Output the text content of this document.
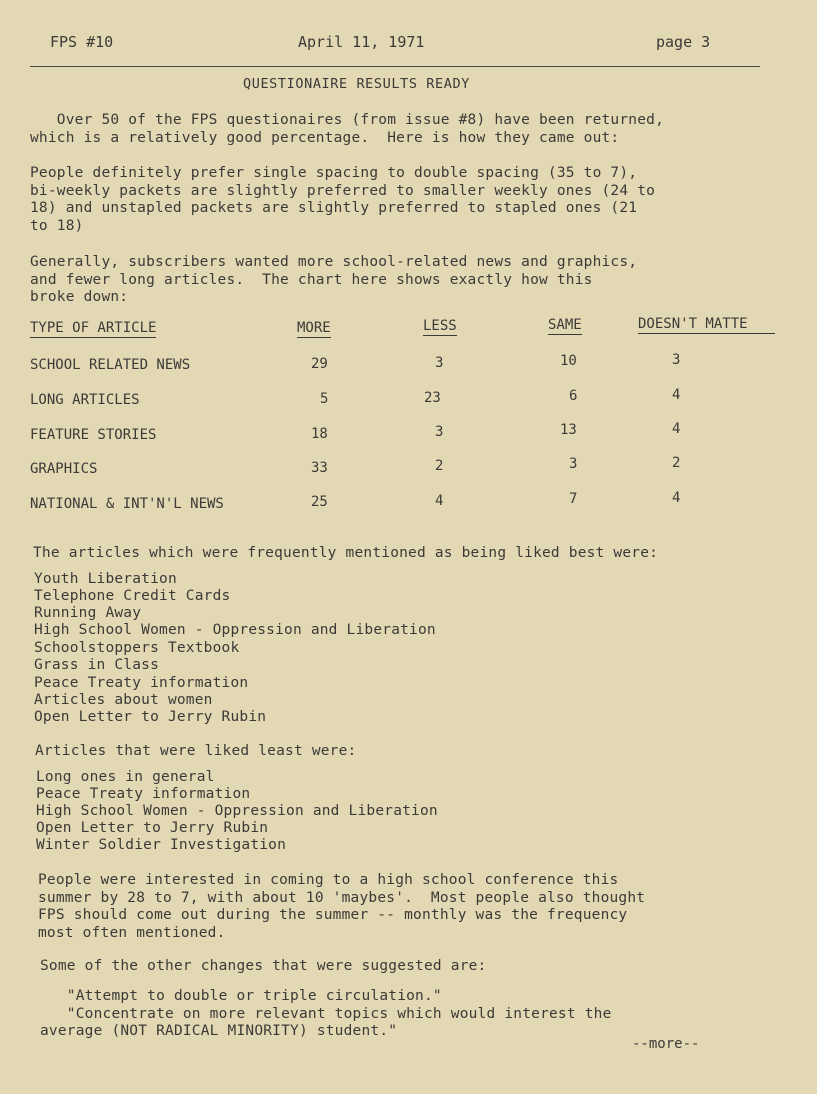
FPS #10	April 11, 1971	page 3
QUESTIONAIRE RESULTS READY
Over 50 of the FPS questionaires (from issue #8) have been returned,
which is a relatively good percentage.  Here is how they came out:
People definitely prefer single spacing to double spacing (35 to 7),
bi-weekly packets are slightly preferred to smaller weekly ones (24 to
18) and unstapled packets are slightly preferred to stapled ones (21
to 18)
Generally, subscribers wanted more school-related news and graphics,
and fewer long articles.  The chart here shows exactly how this
broke down:
TYPE OF ARTICLE	MORE	LESS	SAME	DOESN'T MATTE
SCHOOL RELATED NEWS	29	3	10	3
LONG ARTICLES	5	23	6	4
FEATURE STORIES	18	3	13	4
GRAPHICS	33	2	3	2
NATIONAL & INT'N'L NEWS	25	4	7	4
The articles which were frequently mentioned as being liked best were:
Youth Liberation
Telephone Credit Cards
Running Away
High School Women - Oppression and Liberation
Schoolstoppers Textbook
Grass in Class
Peace Treaty information
Articles about women
Open Letter to Jerry Rubin
Articles that were liked least were:
Long ones in general
Peace Treaty information
High School Women - Oppression and Liberation
Open Letter to Jerry Rubin
Winter Soldier Investigation
People were interested in coming to a high school conference this
summer by 28 to 7, with about 10 'maybes'.  Most people also thought
FPS should come out during the summer -- monthly was the frequency
most often mentioned.
Some of the other changes that were suggested are:
"Attempt to double or triple circulation."
"Concentrate on more relevant topics which would interest the
average (NOT RADICAL MINORITY) student."
--more--
